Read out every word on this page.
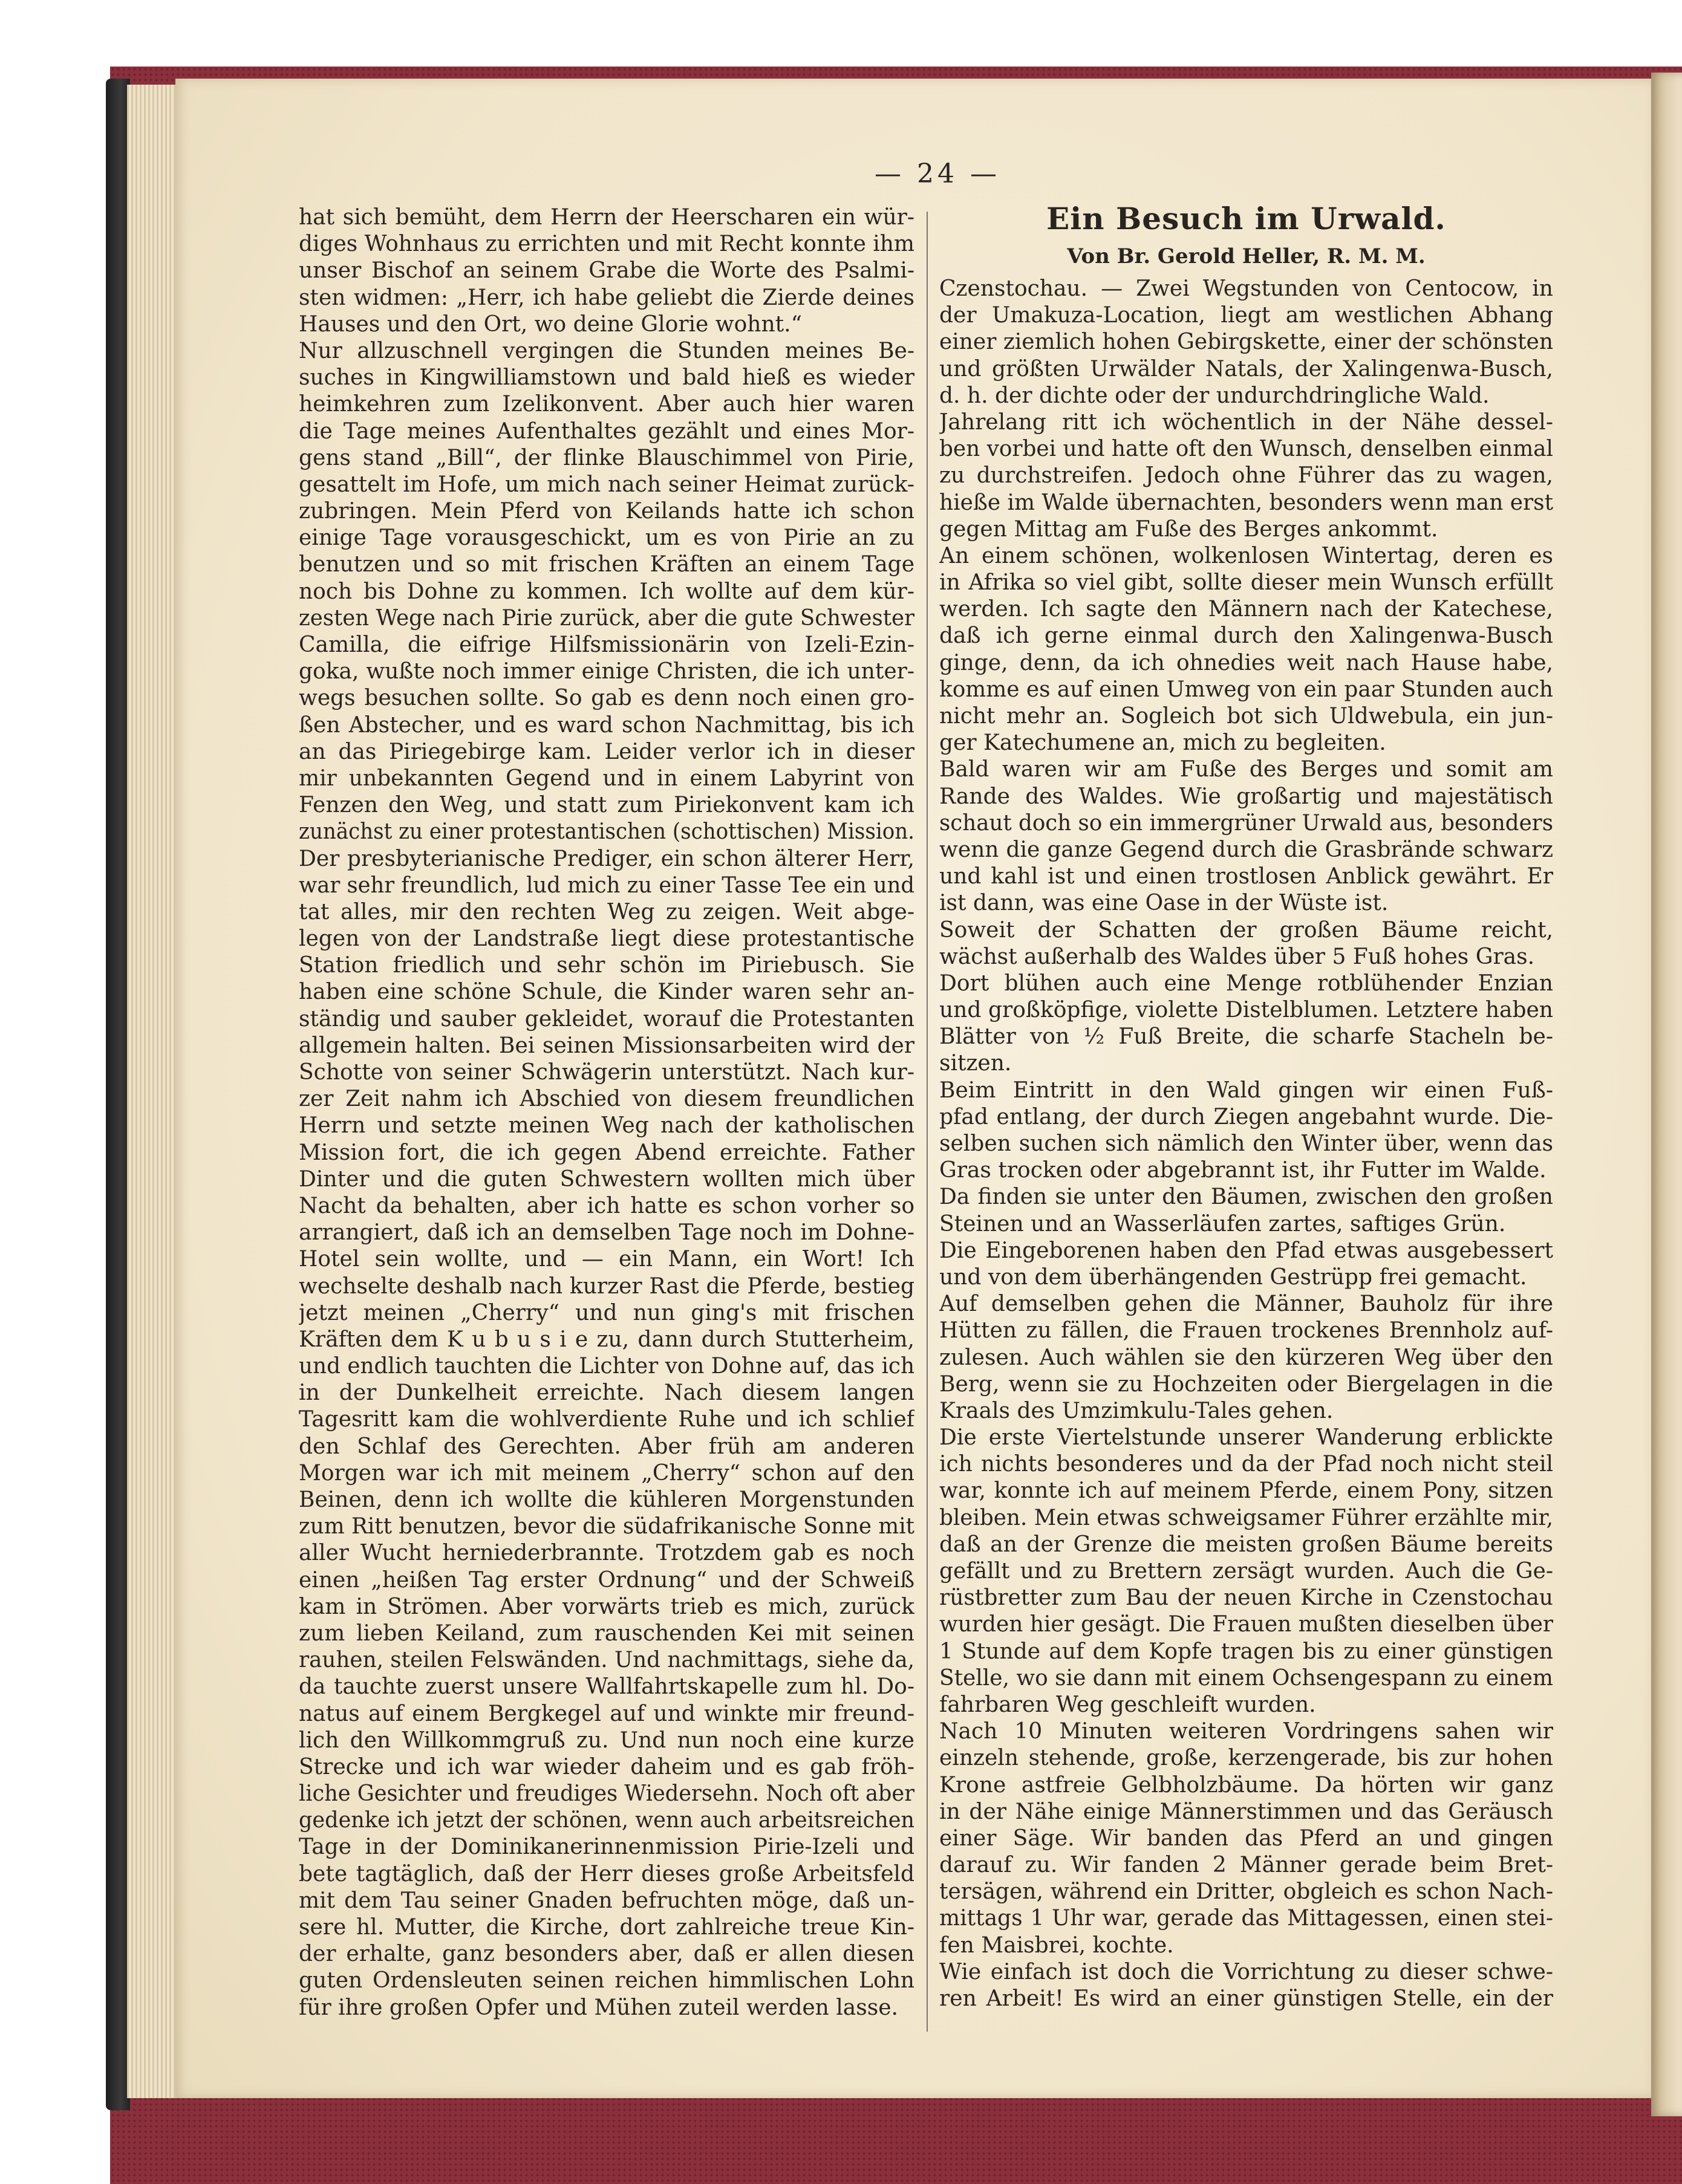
— 24 —
hat sich bemüht, dem Herrn der Heerscharen ein wür-
diges Wohnhaus zu errichten und mit Recht konnte ihm
unser Bischof an seinem Grabe die Worte des Psalmi-
sten widmen: „Herr, ich habe geliebt die Zierde deines
Hauses und den Ort, wo deine Glorie wohnt.“
Nur allzuschnell vergingen die Stunden meines Be-
suches in Kingwilliamstown und bald hieß es wieder
heimkehren zum Izelikonvent. Aber auch hier waren
die Tage meines Aufenthaltes gezählt und eines Mor-
gens stand „Bill“, der flinke Blauschimmel von Pirie,
gesattelt im Hofe, um mich nach seiner Heimat zurück-
zubringen. Mein Pferd von Keilands hatte ich schon
einige Tage vorausgeschickt, um es von Pirie an zu
benutzen und so mit frischen Kräften an einem Tage
noch bis Dohne zu kommen. Ich wollte auf dem kür-
zesten Wege nach Pirie zurück, aber die gute Schwester
Camilla, die eifrige Hilfsmissionärin von Izeli-Ezin-
goka, wußte noch immer einige Christen, die ich unter-
wegs besuchen sollte. So gab es denn noch einen gro-
ßen Abstecher, und es ward schon Nachmittag, bis ich
an das Piriegebirge kam. Leider verlor ich in dieser
mir unbekannten Gegend und in einem Labyrint von
Fenzen den Weg, und statt zum Piriekonvent kam ich
zunächst zu einer protestantischen (schottischen) Mission.
Der presbyterianische Prediger, ein schon älterer Herr,
war sehr freundlich, lud mich zu einer Tasse Tee ein und
tat alles, mir den rechten Weg zu zeigen. Weit abge-
legen von der Landstraße liegt diese protestantische
Station friedlich und sehr schön im Piriebusch. Sie
haben eine schöne Schule, die Kinder waren sehr an-
ständig und sauber gekleidet, worauf die Protestanten
allgemein halten. Bei seinen Missionsarbeiten wird der
Schotte von seiner Schwägerin unterstützt. Nach kur-
zer Zeit nahm ich Abschied von diesem freundlichen
Herrn und setzte meinen Weg nach der katholischen
Mission fort, die ich gegen Abend erreichte. Father
Dinter und die guten Schwestern wollten mich über
Nacht da behalten, aber ich hatte es schon vorher so
arrangiert, daß ich an demselben Tage noch im Dohne-
Hotel sein wollte, und — ein Mann, ein Wort! Ich
wechselte deshalb nach kurzer Rast die Pferde, bestieg
jetzt meinen „Cherry“ und nun ging's mit frischen
Kräften dem K u b u s i e zu, dann durch Stutterheim,
und endlich tauchten die Lichter von Dohne auf, das ich
in der Dunkelheit erreichte. Nach diesem langen
Tagesritt kam die wohlverdiente Ruhe und ich schlief
den Schlaf des Gerechten. Aber früh am anderen
Morgen war ich mit meinem „Cherry“ schon auf den
Beinen, denn ich wollte die kühleren Morgenstunden
zum Ritt benutzen, bevor die südafrikanische Sonne mit
aller Wucht herniederbrannte. Trotzdem gab es noch
einen „heißen Tag erster Ordnung“ und der Schweiß
kam in Strömen. Aber vorwärts trieb es mich, zurück
zum lieben Keiland, zum rauschenden Kei mit seinen
rauhen, steilen Felswänden. Und nachmittags, siehe da,
da tauchte zuerst unsere Wallfahrtskapelle zum hl. Do-
natus auf einem Bergkegel auf und winkte mir freund-
lich den Willkommgruß zu. Und nun noch eine kurze
Strecke und ich war wieder daheim und es gab fröh-
liche Gesichter und freudiges Wiedersehn. Noch oft aber
gedenke ich jetzt der schönen, wenn auch arbeitsreichen
Tage in der Dominikanerinnenmission Pirie-Izeli und
bete tagtäglich, daß der Herr dieses große Arbeitsfeld
mit dem Tau seiner Gnaden befruchten möge, daß un-
sere hl. Mutter, die Kirche, dort zahlreiche treue Kin-
der erhalte, ganz besonders aber, daß er allen diesen
guten Ordensleuten seinen reichen himmlischen Lohn
für ihre großen Opfer und Mühen zuteil werden lasse.
Ein Besuch im Urwald.
Von Br. Gerold Heller, R. M. M.
Czenstochau. — Zwei Wegstunden von Centocow, in
der Umakuza-Location, liegt am westlichen Abhang
einer ziemlich hohen Gebirgskette, einer der schönsten
und größten Urwälder Natals, der Xalingenwa-Busch,
d. h. der dichte oder der undurchdringliche Wald.
Jahrelang ritt ich wöchentlich in der Nähe dessel-
ben vorbei und hatte oft den Wunsch, denselben einmal
zu durchstreifen. Jedoch ohne Führer das zu wagen,
hieße im Walde übernachten, besonders wenn man erst
gegen Mittag am Fuße des Berges ankommt.
An einem schönen, wolkenlosen Wintertag, deren es
in Afrika so viel gibt, sollte dieser mein Wunsch erfüllt
werden. Ich sagte den Männern nach der Katechese,
daß ich gerne einmal durch den Xalingenwa-Busch
ginge, denn, da ich ohnedies weit nach Hause habe,
komme es auf einen Umweg von ein paar Stunden auch
nicht mehr an. Sogleich bot sich Uldwebula, ein jun-
ger Katechumene an, mich zu begleiten.
Bald waren wir am Fuße des Berges und somit am
Rande des Waldes. Wie großartig und majestätisch
schaut doch so ein immergrüner Urwald aus, besonders
wenn die ganze Gegend durch die Grasbrände schwarz
und kahl ist und einen trostlosen Anblick gewährt. Er
ist dann, was eine Oase in der Wüste ist.
Soweit der Schatten der großen Bäume reicht,
wächst außerhalb des Waldes über 5 Fuß hohes Gras.
Dort blühen auch eine Menge rotblühender Enzian
und großköpfige, violette Distelblumen. Letztere haben
Blätter von ½ Fuß Breite, die scharfe Stacheln be-
sitzen.
Beim Eintritt in den Wald gingen wir einen Fuß-
pfad entlang, der durch Ziegen angebahnt wurde. Die-
selben suchen sich nämlich den Winter über, wenn das
Gras trocken oder abgebrannt ist, ihr Futter im Walde.
Da finden sie unter den Bäumen, zwischen den großen
Steinen und an Wasserläufen zartes, saftiges Grün.
Die Eingeborenen haben den Pfad etwas ausgebessert
und von dem überhängenden Gestrüpp frei gemacht.
Auf demselben gehen die Männer, Bauholz für ihre
Hütten zu fällen, die Frauen trockenes Brennholz auf-
zulesen. Auch wählen sie den kürzeren Weg über den
Berg, wenn sie zu Hochzeiten oder Biergelagen in die
Kraals des Umzimkulu-Tales gehen.
Die erste Viertelstunde unserer Wanderung erblickte
ich nichts besonderes und da der Pfad noch nicht steil
war, konnte ich auf meinem Pferde, einem Pony, sitzen
bleiben. Mein etwas schweigsamer Führer erzählte mir,
daß an der Grenze die meisten großen Bäume bereits
gefällt und zu Brettern zersägt wurden. Auch die Ge-
rüstbretter zum Bau der neuen Kirche in Czenstochau
wurden hier gesägt. Die Frauen mußten dieselben über
1 Stunde auf dem Kopfe tragen bis zu einer günstigen
Stelle, wo sie dann mit einem Ochsengespann zu einem
fahrbaren Weg geschleift wurden.
Nach 10 Minuten weiteren Vordringens sahen wir
einzeln stehende, große, kerzengerade, bis zur hohen
Krone astfreie Gelbholzbäume. Da hörten wir ganz
in der Nähe einige Männerstimmen und das Geräusch
einer Säge. Wir banden das Pferd an und gingen
darauf zu. Wir fanden 2 Männer gerade beim Bret-
tersägen, während ein Dritter, obgleich es schon Nach-
mittags 1 Uhr war, gerade das Mittagessen, einen stei-
fen Maisbrei, kochte.
Wie einfach ist doch die Vorrichtung zu dieser schwe-
ren Arbeit! Es wird an einer günstigen Stelle, ein der
